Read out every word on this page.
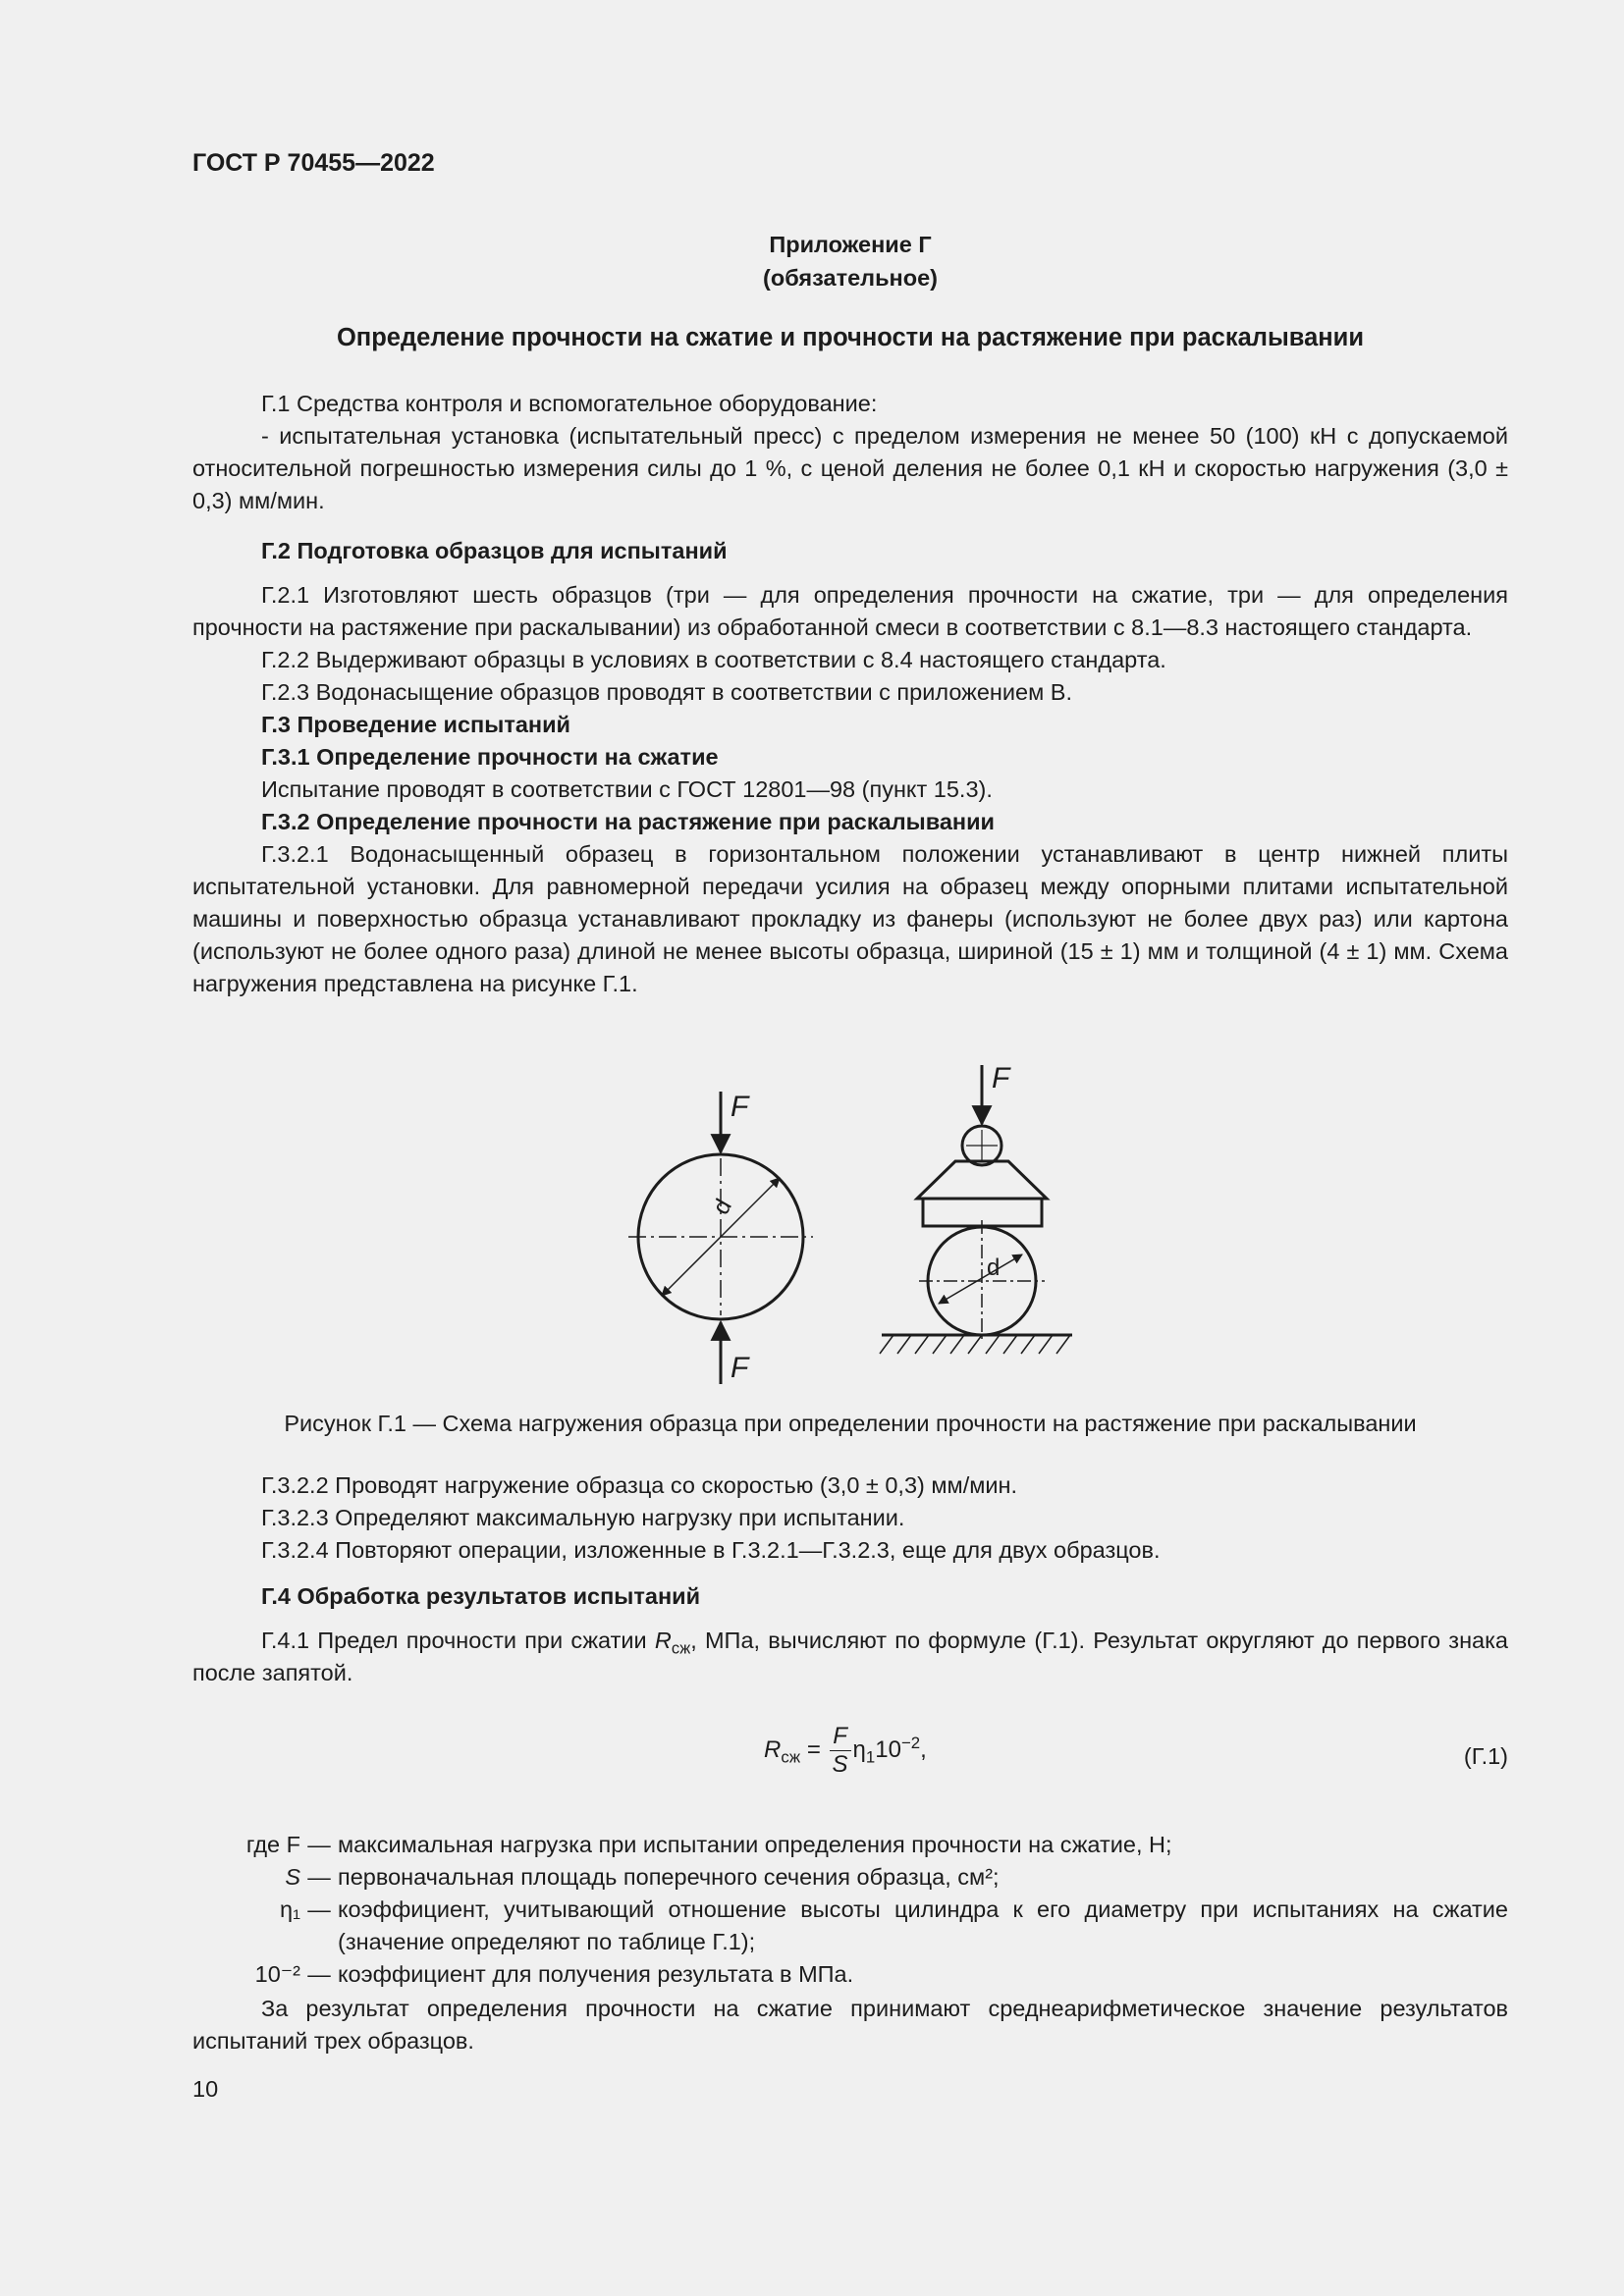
ГОСТ Р 70455—2022
Приложение Г
(обязательное)
Определение прочности на сжатие и прочности на растяжение при раскалывании

Г.1 Средства контроля и вспомогательное оборудование:

- испытательная установка (испытательный пресс) с пределом измерения не менее 50 (100) кН с допускаемой относительной погрешностью измерения силы до 1 %, с ценой деления не более 0,1 кН и скоростью нагружения (3,0 ± 0,3) мм/мин.

Г.2 Подготовка образцов для испытаний

Г.2.1 Изготовляют шесть образцов (три — для определения прочности на сжатие, три — для определения прочности на растяжение при раскалывании) из обработанной смеси в соответствии с 8.1—8.3 настоящего стандарта.

Г.2.2 Выдерживают образцы в условиях в соответствии с 8.4 настоящего стандарта.

Г.2.3 Водонасыщение образцов проводят в соответствии с приложением В.

Г.3 Проведение испытаний

Г.3.1 Определение прочности на сжатие

Испытание проводят в соответствии с ГОСТ 12801—98 (пункт 15.3).

Г.3.2 Определение прочности на растяжение при раскалывании

Г.3.2.1 Водонасыщенный образец в горизонтальном положении устанавливают в центр нижней плиты испытательной установки. Для равномерной передачи усилия на образец между опорными плитами испытательной машины и поверхностью образца устанавливают прокладку из фанеры (используют не более двух раз) или картона (используют не более одного раза) длиной не менее высоты образца, шириной (15 ± 1) мм и толщиной (4 ± 1) мм. Схема нагружения представлена на рисунке Г.1.

F
F
F
d
d
Рисунок Г.1 — Схема нагружения образца при определении прочности на растяжение при раскалывании

Г.3.2.2 Проводят нагружение образца со скоростью (3,0 ± 0,3) мм/мин.

Г.3.2.3 Определяют максимальную нагрузку при испытании.

Г.3.2.4 Повторяют операции, изложенные в Г.3.2.1—Г.3.2.3, еще для двух образцов.

Г.4 Обработка результатов испытаний

Г.4.1 Предел прочности при сжатии $R_{сж}$, МПа, вычисляют по формуле (Г.1). Результат округляют до первого знака после запятой.

$R_{сж} = \frac{F}{S} \eta_110^{-2}$,	(Г.1)
где F — максимальная нагрузка при испытании определения прочности на сжатие, Н;
S — первоначальная площадь поперечного сечения образца, см²;
η₁ — коэффициент, учитывающий отношение высоты цилиндра к его диаметру при испытаниях на сжатие (значение определяют по таблице Г.1);
10⁻² — коэффициент для получения результата в МПа.

За результат определения прочности на сжатие принимают среднеарифметическое значение результатов испытаний трех образцов.

10
